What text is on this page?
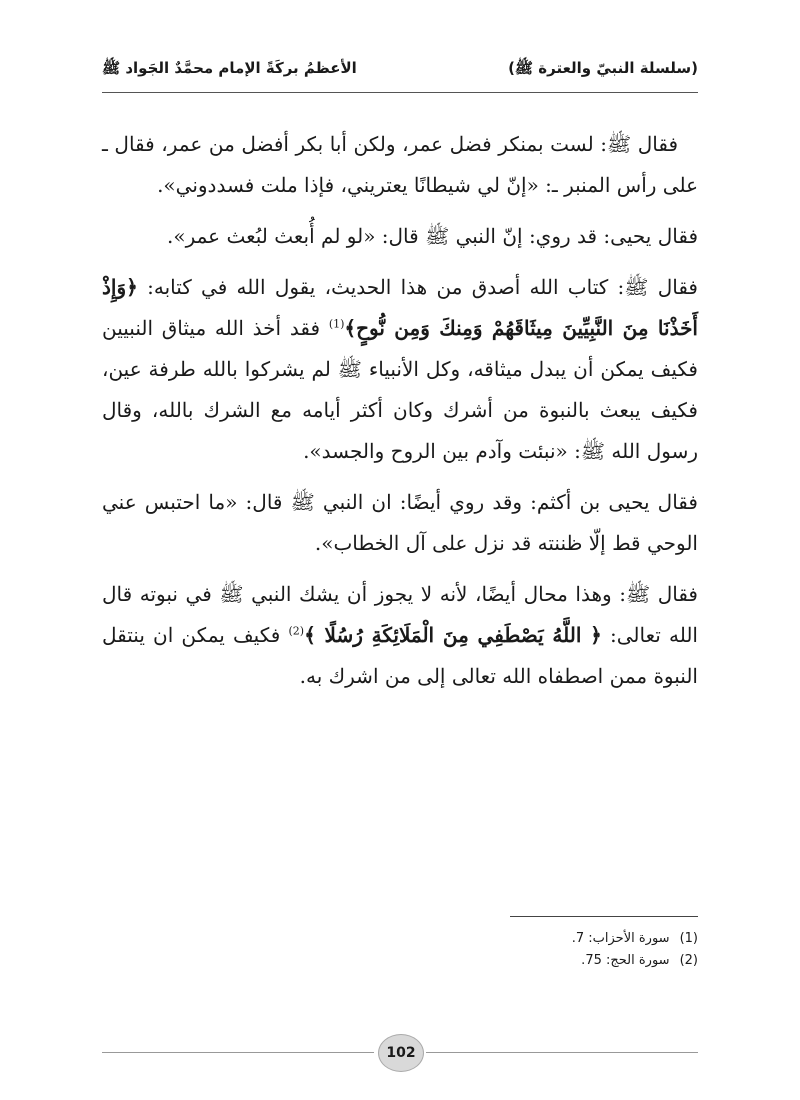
(سلسلة النبيّ والعترة ﷺ)
الأعظمُ بركَةً الإمام محمَّدٌ الجَواد ﷺ

فقال ﷺ: لست بمنكر فضل عمر، ولكن أبا بكر أفضل من عمر، فقال ـ على رأس المنبر ـ: «إنّ لي شيطانًا يعتريني، فإذا ملت فسددوني».

فقال يحيى: قد روي: إنّ النبي ﷺ قال: «لو لم أُبعث لبُعث عمر».

فقال ﷺ: كتاب الله أصدق من هذا الحديث، يقول الله في كتابه: ﴿وَإِذْ أَخَذْنَا مِنَ النَّبِيِّينَ مِيثَاقَهُمْ وَمِنكَ وَمِن نُّوحٍ﴾$^{(1)}$ فقد أخذ الله ميثاق النبيين فكيف يمكن أن يبدل ميثاقه، وكل الأنبياء ﷺ لم يشركوا بالله طرفة عين، فكيف يبعث بالنبوة من أشرك وكان أكثر أيامه مع الشرك بالله، وقال رسول الله ﷺ: «نبئت وآدم بين الروح والجسد».

فقال يحيى بن أكثم: وقد روي أيضًا: ان النبي ﷺ قال: «ما احتبس عني الوحي قط إلّا ظننته قد نزل على آل الخطاب».

فقال ﷺ: وهذا محال أيضًا، لأنه لا يجوز أن يشك النبي ﷺ في نبوته قال الله تعالى: ﴿ اللَّهُ يَصْطَفِي مِنَ الْمَلَائِكَةِ رُسُلًا ﴾$^{(2)}$ فكيف يمكن ان ينتقل النبوة ممن اصطفاه الله تعالى إلى من اشرك به.

(1)
سورة الأحزاب: 7.
(2)
سورة الحج: 75.
102
